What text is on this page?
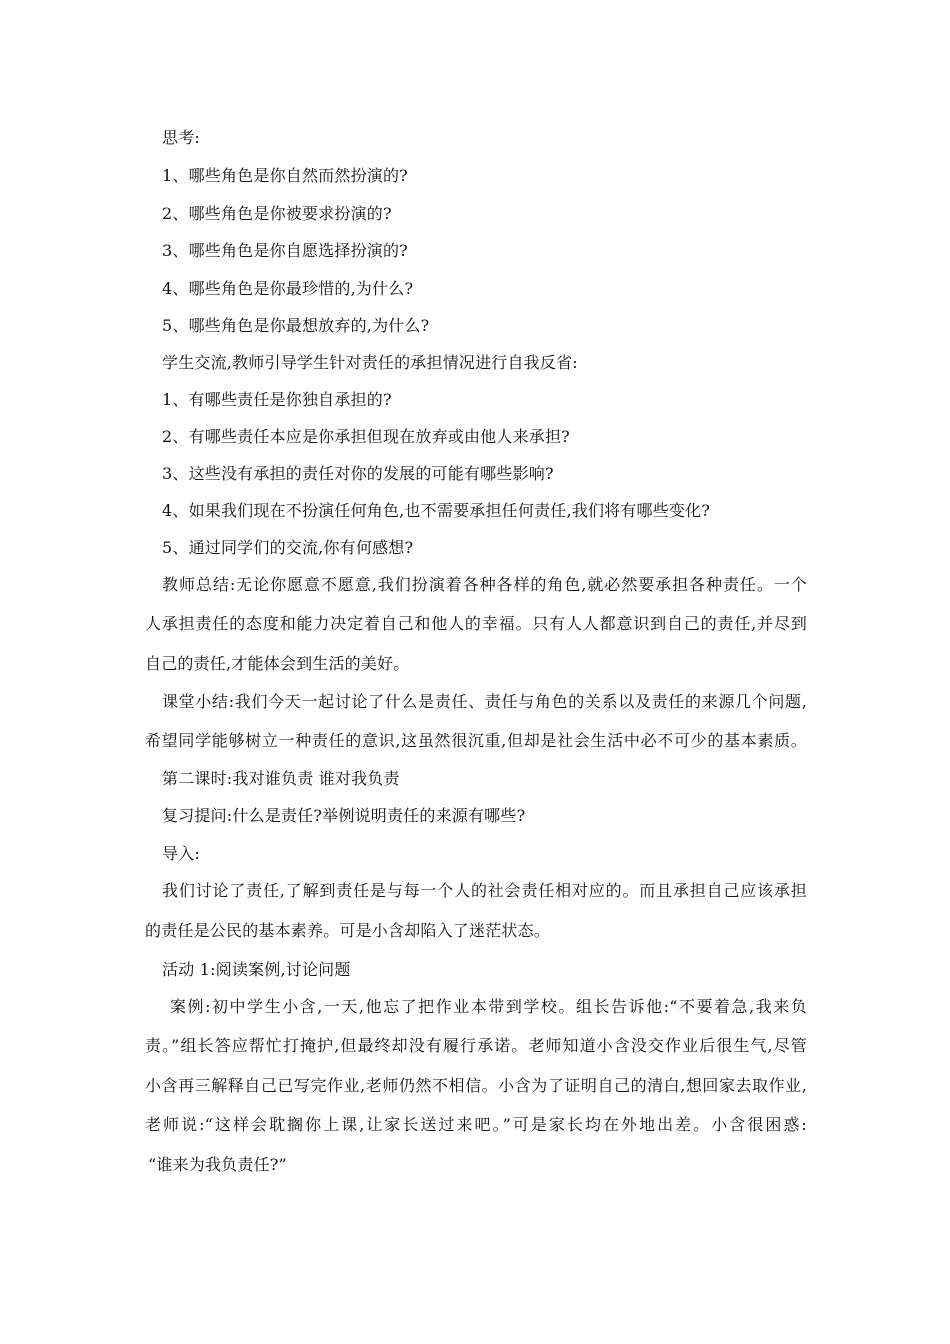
思考:
1、哪些角色是你自然而然扮演的?
2、哪些角色是你被要求扮演的?
3、哪些角色是你自愿选择扮演的?
4、哪些角色是你最珍惜的,为什么?
5、哪些角色是你最想放弃的,为什么?
学生交流,教师引导学生针对责任的承担情况进行自我反省:
1、有哪些责任是你独自承担的?
2、有哪些责任本应是你承担但现在放弃或由他人来承担?
3、这些没有承担的责任对你的发展的可能有哪些影响?
4、如果我们现在不扮演任何角色,也不需要承担任何责任,我们将有哪些变化?
5、通过同学们的交流,你有何感想?
教师总结:无论你愿意不愿意,我们扮演着各种各样的角色,就必然要承担各种责任。一个
人承担责任的态度和能力决定着自己和他人的幸福。只有人人都意识到自己的责任,并尽到
自己的责任,才能体会到生活的美好。
课堂小结:我们今天一起讨论了什么是责任、责任与角色的关系以及责任的来源几个问题,
希望同学能够树立一种责任的意识,这虽然很沉重,但却是社会生活中必不可少的基本素质。
第二课时:我对谁负责 谁对我负责
复习提问:什么是责任?举例说明责任的来源有哪些?
导入:
我们讨论了责任,了解到责任是与每一个人的社会责任相对应的。而且承担自己应该承担
的责任是公民的基本素养。可是小含却陷入了迷茫状态。
活动 1:阅读案例,讨论问题
案例:初中学生小含,一天,他忘了把作业本带到学校。组长告诉他:“不要着急,我来负
责。”组长答应帮忙打掩护,但最终却没有履行承诺。老师知道小含没交作业后很生气,尽管
小含再三解释自己已写完作业,老师仍然不相信。小含为了证明自己的清白,想回家去取作业,
老师说:“这样会耽搁你上课,让家长送过来吧。”可是家长均在外地出差。小含很困惑:
“谁来为我负责任?”
